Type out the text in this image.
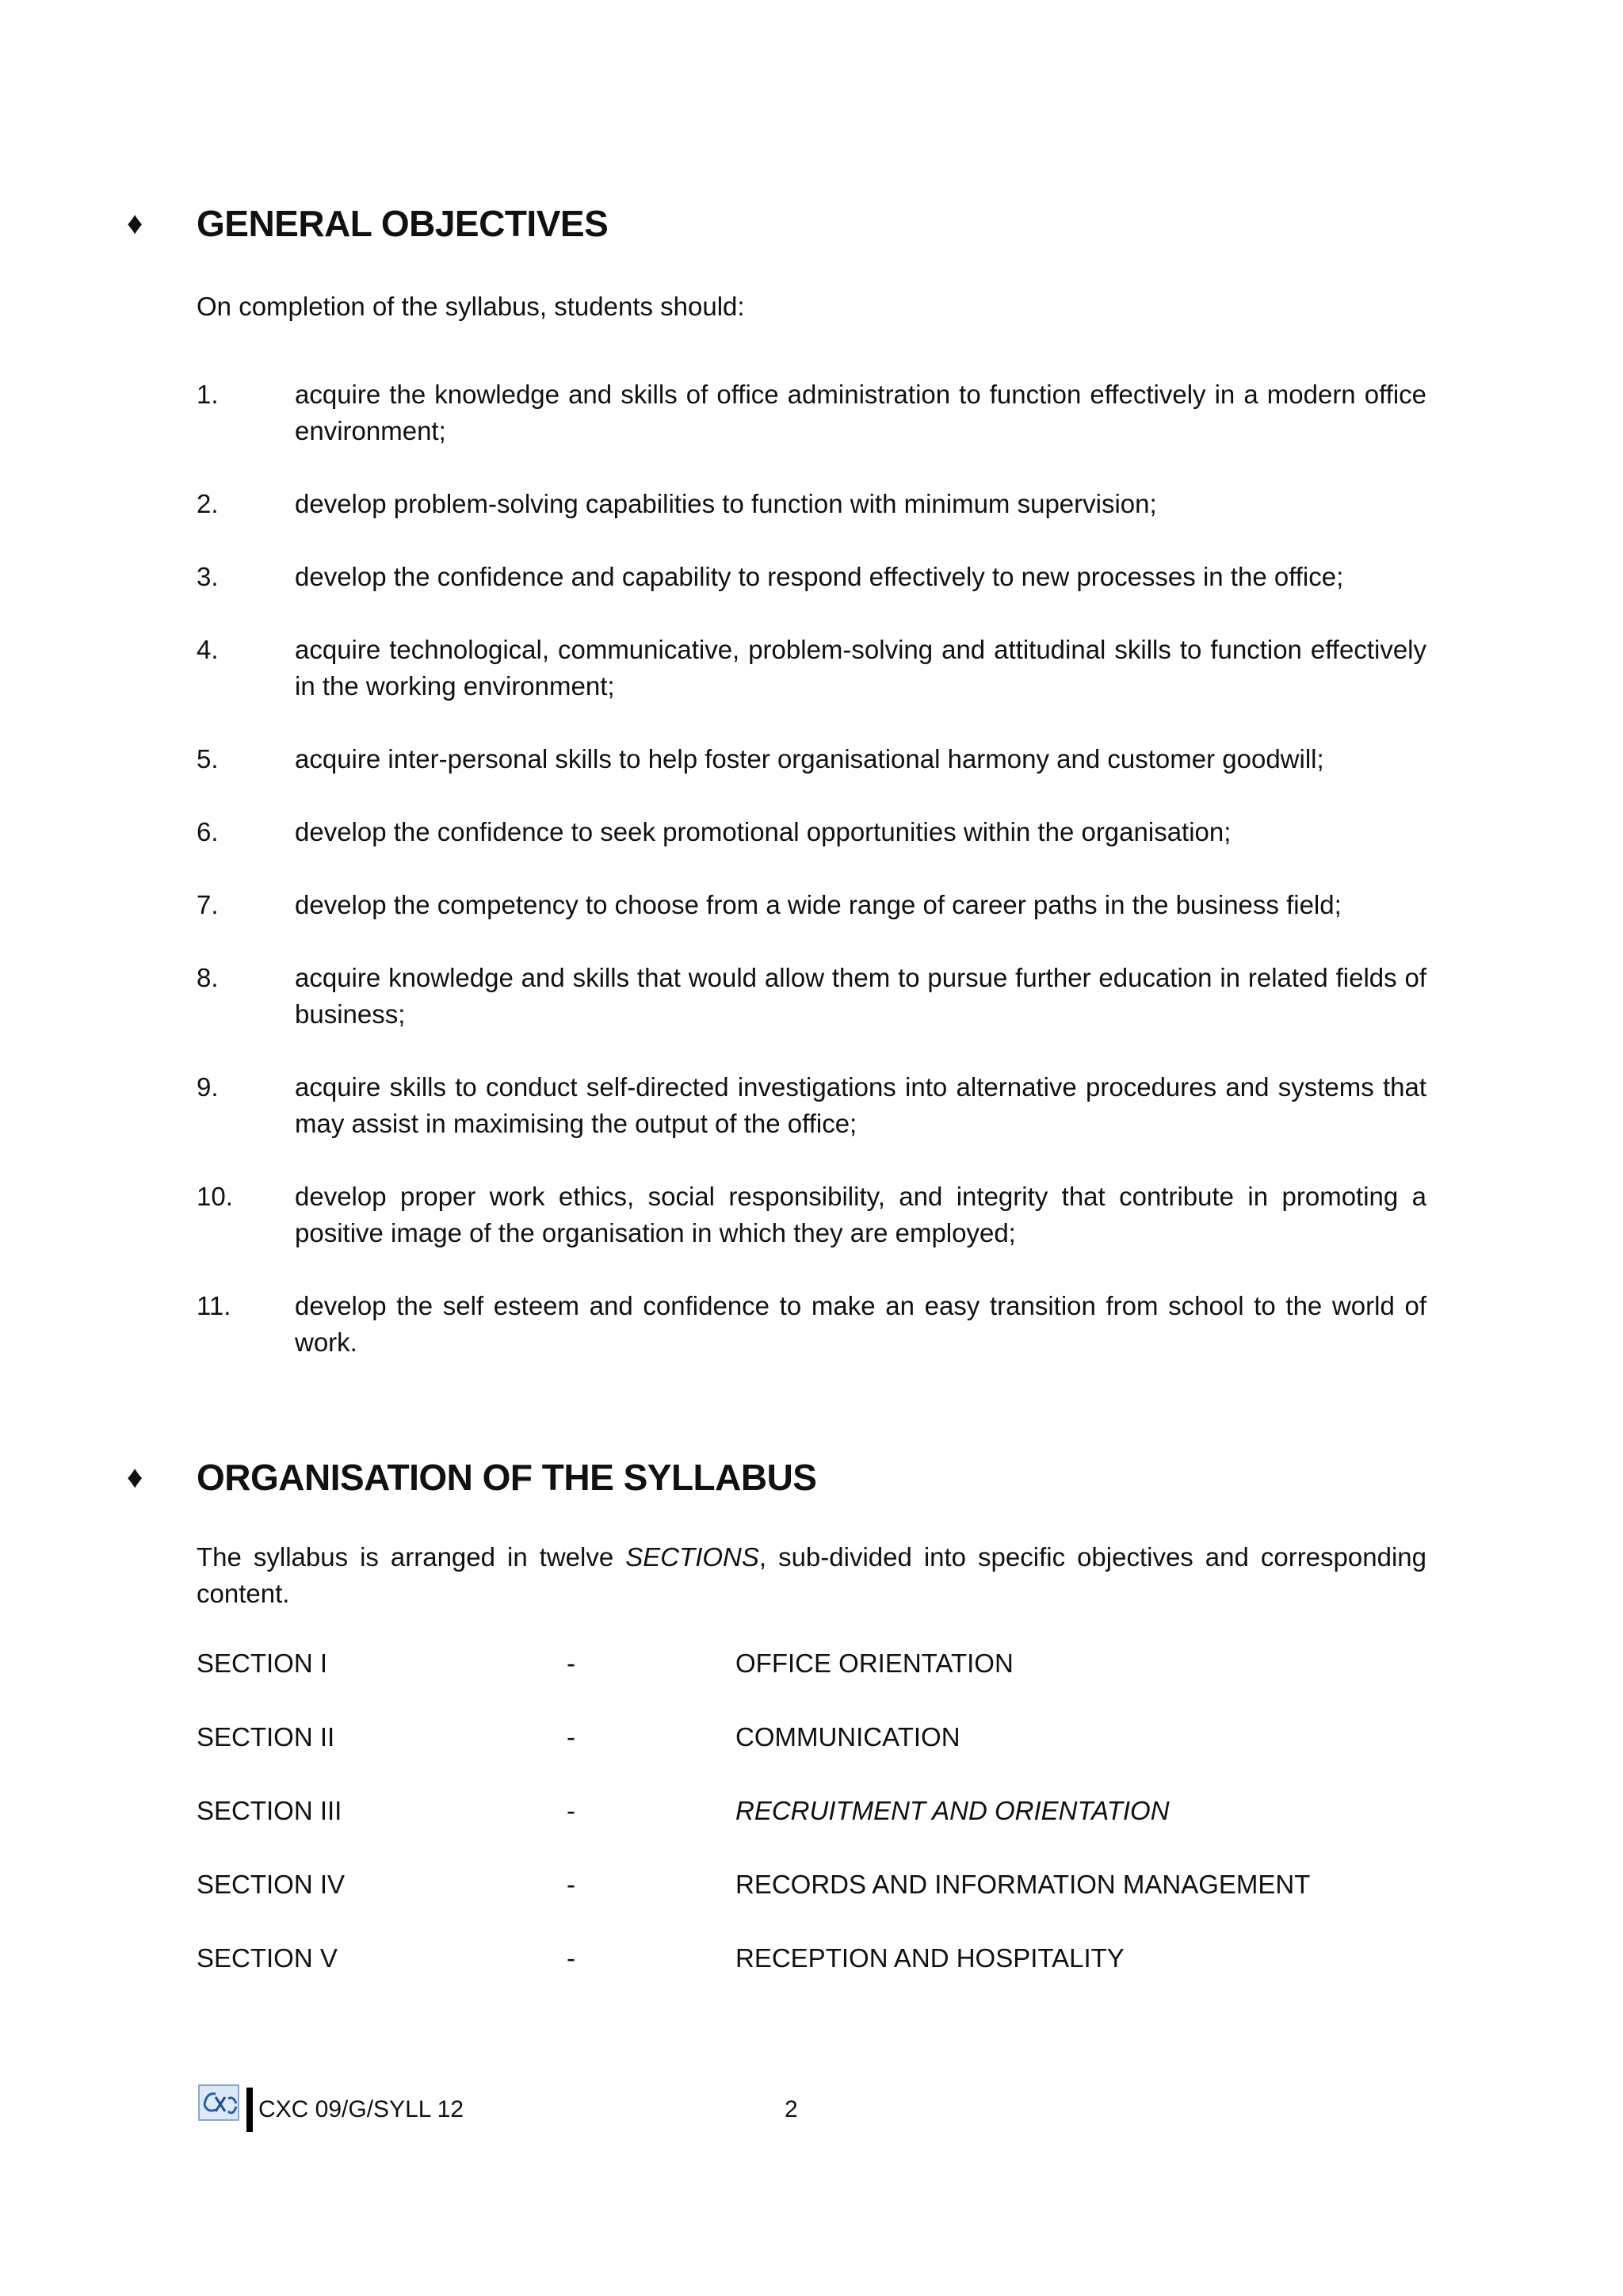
♦ GENERAL OBJECTIVES
On completion of the syllabus, students should:
1.	acquire the knowledge and skills of office administration to function effectively in a modern office environment;
2.	develop problem-solving capabilities to function with minimum supervision;
3.	develop the confidence and capability to respond effectively to new processes in the office;
4.	acquire technological, communicative, problem-solving and attitudinal skills to function effectively in the working environment;
5.	acquire inter-personal skills to help foster organisational harmony and customer goodwill;
6.	develop the confidence to seek promotional opportunities within the organisation;
7.	develop the competency to choose from a wide range of career paths in the business field;
8.	acquire knowledge and skills that would allow them to pursue further education in related fields of business;
9.	acquire skills to conduct self-directed investigations into alternative procedures and systems that may assist in maximising the output of the office;
10. develop proper work ethics, social responsibility, and integrity that contribute in promoting a positive image of the organisation in which they are employed;
11. develop the self esteem and confidence to make an easy transition from school to the world of work.
♦ ORGANISATION OF THE SYLLABUS
The syllabus is arranged in twelve SECTIONS, sub-divided into specific objectives and corresponding content.
SECTION I	-	OFFICE ORIENTATION
SECTION II	-	COMMUNICATION
SECTION III	-	RECRUITMENT AND ORIENTATION
SECTION IV	-	RECORDS AND INFORMATION MANAGEMENT
SECTION V	-	RECEPTION AND HOSPITALITY
CXC 09/G/SYLL 12	2
